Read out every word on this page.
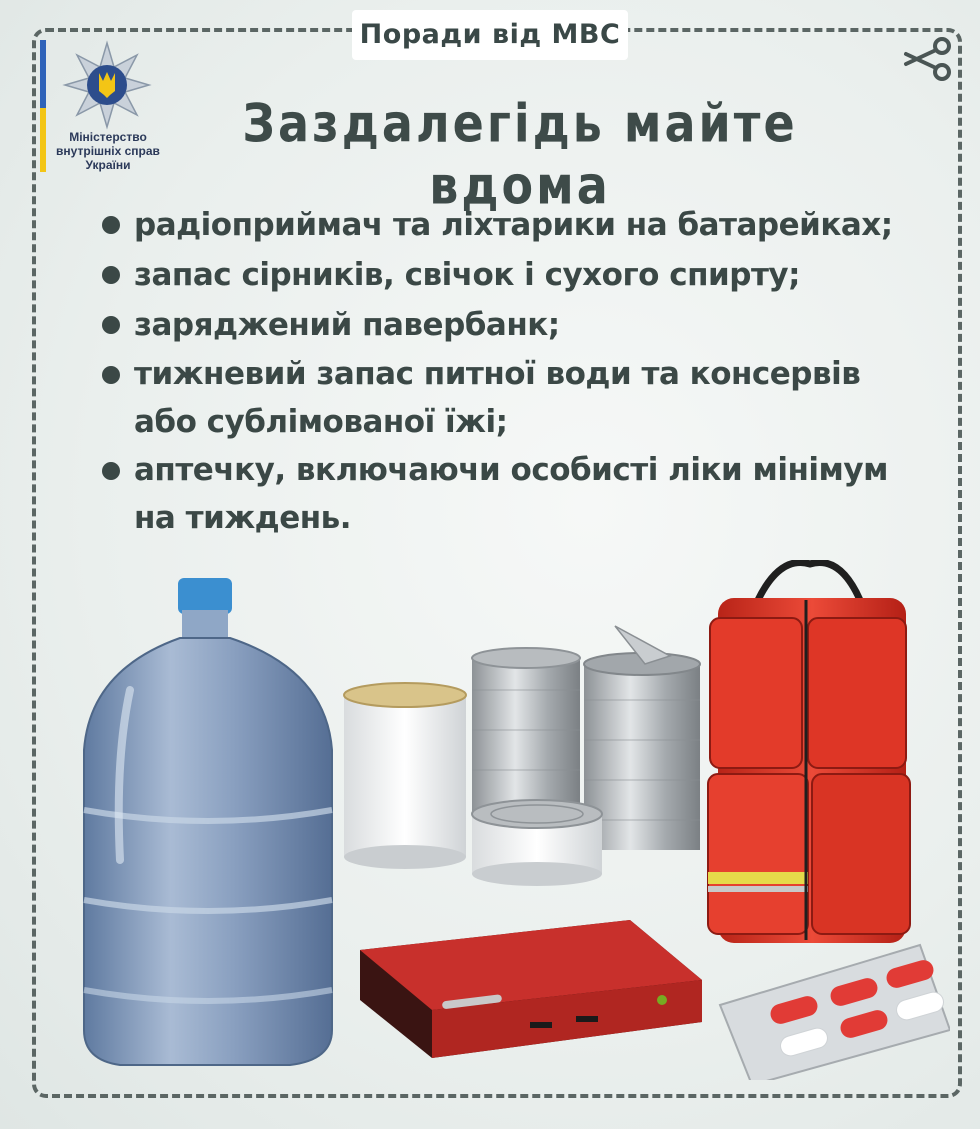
Поради від МВС
Міністерство
внутрішніх справ
України
Заздалегідь майте вдома
радіоприймач та ліхтарики на батарейках;
запас сірників, свічок і сухого спирту;
заряджений павербанк;
тижневий запас питної води та консервів або сублімованої їжі;
аптечку, включаючи особисті ліки мінімум на тиждень.
